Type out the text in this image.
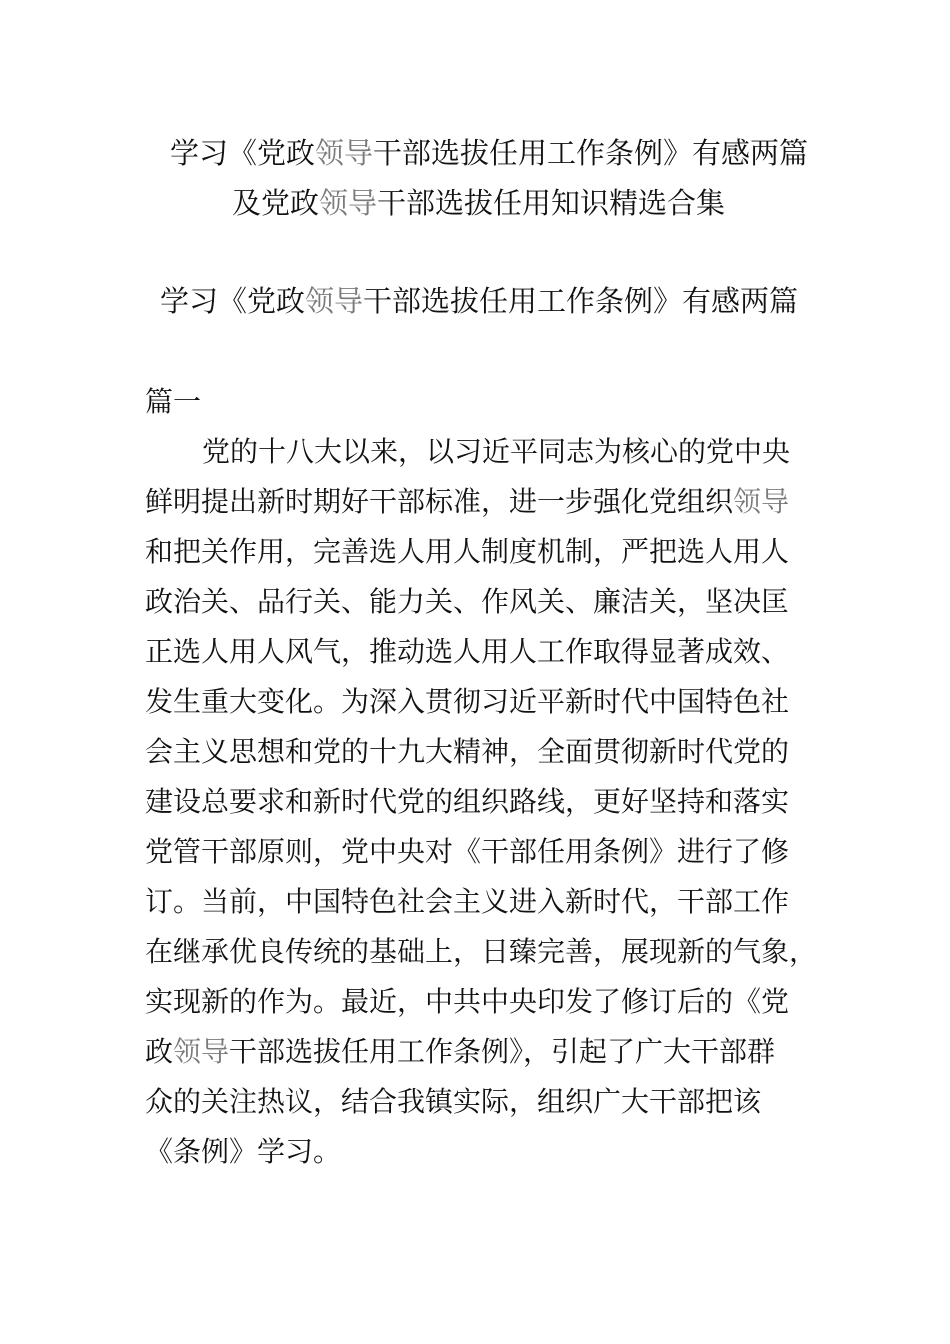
学习《党政领导干部选拔任用工作条例》有感两篇
及党政领导干部选拔任用知识精选合集
学习《党政领导干部选拔任用工作条例》有感两篇
篇一
党的十八大以来，以习近平同志为核心的党中央
鲜明提出新时期好干部标准，进一步强化党组织领导
和把关作用，完善选人用人制度机制，严把选人用人
政治关、品行关、能力关、作风关、廉洁关，坚决匡
正选人用人风气，推动选人用人工作取得显著成效、
发生重大变化。为深入贯彻习近平新时代中国特色社
会主义思想和党的十九大精神，全面贯彻新时代党的
建设总要求和新时代党的组织路线，更好坚持和落实
党管干部原则，党中央对《干部任用条例》进行了修
订。当前，中国特色社会主义进入新时代，干部工作
在继承优良传统的基础上，日臻完善，展现新的气象，
实现新的作为。最近，中共中央印发了修订后的《党
政领导干部选拔任用工作条例》，引起了广大干部群
众的关注热议，结合我镇实际，组织广大干部把该
《条例》学习。
